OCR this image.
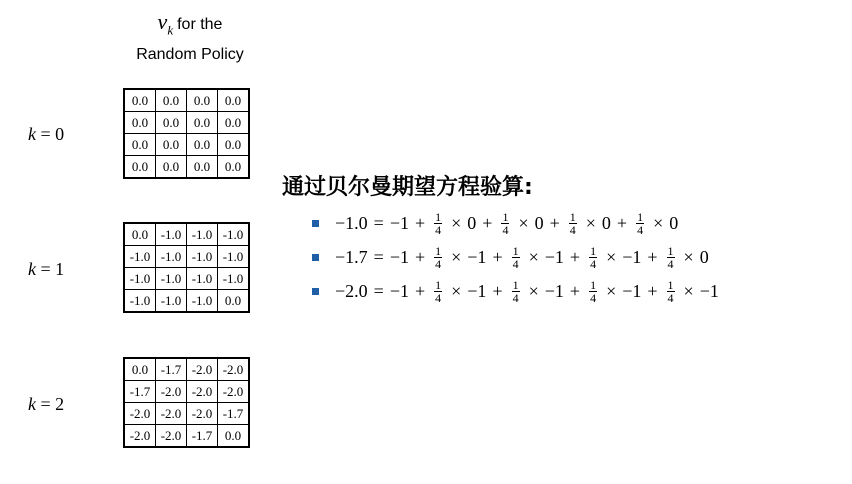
$v_k$ for the
Random Policy
k = 0
k = 1
k = 2
0.0	0.0	0.0	0.0
0.0	0.0	0.0	0.0
0.0	0.0	0.0	0.0
0.0	0.0	0.0	0.0
0.0	-1.0	-1.0	-1.0
-1.0	-1.0	-1.0	-1.0
-1.0	-1.0	-1.0	-1.0
-1.0	-1.0	-1.0	0.0
0.0	-1.7	-2.0	-2.0
-1.7	-2.0	-2.0	-2.0
-2.0	-2.0	-2.0	-1.7
-2.0	-2.0	-1.7	0.0
通过贝尔曼期望方程验算:
$-1.0 = -1 + \frac{1}{4} \times 0 + \frac{1}{4} \times 0 + \frac{1}{4} \times 0 + \frac{1}{4} \times 0$
$-1.7 = -1 + \frac{1}{4} \times -1 + \frac{1}{4} \times -1 + \frac{1}{4} \times -1 + \frac{1}{4} \times 0$
$-2.0 = -1 + \frac{1}{4} \times -1 + \frac{1}{4} \times -1 + \frac{1}{4} \times -1 + \frac{1}{4} \times -1$
